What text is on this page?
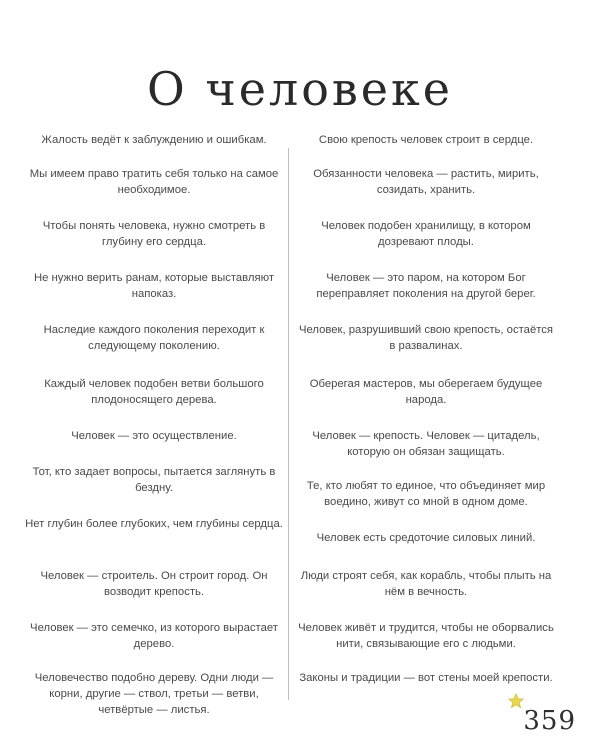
О человеке
Жалость ведёт к заблуждению и ошибкам.
Мы имеем право тратить себя только на самое необходимое.
Чтобы понять человека, нужно смотреть в глубину его сердца.
Не нужно верить ранам, которые выставляют напоказ.
Наследие каждого поколения переходит к следующему поколению.
Каждый человек подобен ветви большого плодоносящего дерева.
Человек — это осуществление.
Тот, кто задает вопросы, пытается заглянуть в бездну.
Нет глубин более глубоких, чем глубины сердца.
Человек — строитель. Он строит город. Он возводит крепость.
Человек — это семечко, из которого вырастает дерево.
Человечество подобно дереву. Одни люди — корни, другие — ствол, третьи — ветви, четвёртые — листья.
Свою крепость человек строит в сердце.
Обязанности человека — растить, мирить, созидать, хранить.
Человек подобен хранилищу, в котором дозревают плоды.
Человек — это паром, на котором Бог переправляет поколения на другой берег.
Человек, разрушивший свою крепость, остаётся в развалинах.
Оберегая мастеров, мы оберегаем будущее народа.
Человек — крепость. Человек — цитадель, которую он обязан защищать.
Те, кто любят то единое, что объединяет мир воедино, живут со мной в одном доме.
Человек есть средоточие силовых линий.
Люди строят себя, как корабль, чтобы плыть на нём в вечность.
Человек живёт и трудится, чтобы не оборвались нити, связывающие его с людьми.
Законы и традиции — вот стены моей крепости.
359
